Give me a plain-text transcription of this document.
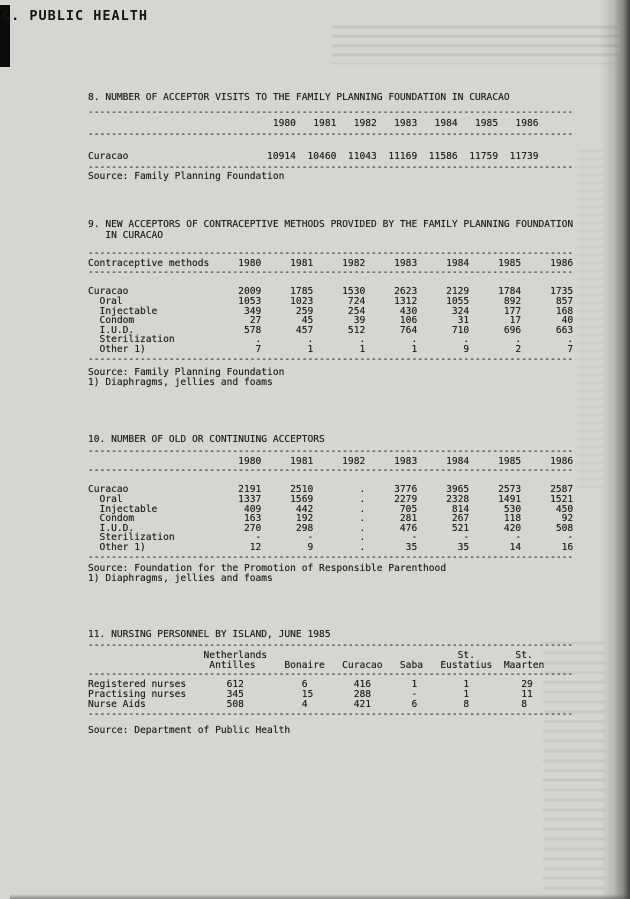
C. PUBLIC HEALTH
8. NUMBER OF ACCEPTOR VISITS TO THE FAMILY PLANNING FOUNDATION IN CURACAO
------------------------------------------------------------------------------------
1980   1981   1982   1983   1984   1985   1986
------------------------------------------------------------------------------------

Curacao                        10914  10460  11043  11169  11586  11759  11739
------------------------------------------------------------------------------------
Source: Family Planning Foundation
9. NEW ACCEPTORS OF CONTRACEPTIVE METHODS PROVIDED BY THE FAMILY PLANNING FOUNDATION
IN CURACAO
------------------------------------------------------------------------------------
Contraceptive methods     1980     1981     1982     1983     1984     1985     1986
------------------------------------------------------------------------------------

Curacao                   2009     1785     1530     2623     2129     1784     1735
Oral                    1053     1023      724     1312     1055      892      857
Injectable               349      259      254      430      324      177      168
Condom                    27       45       39      106       31       17       40
I.U.D.                   578      457      512      764      710      696      663
Sterilization              .        .        .        .        .        .        .
Other 1)                   7        1        1        1        9        2        7
------------------------------------------------------------------------------------
Source: Family Planning Foundation
1) Diaphragms, jellies and foams
10. NUMBER OF OLD OR CONTINUING ACCEPTORS
------------------------------------------------------------------------------------
1980     1981     1982     1983     1984     1985     1986
------------------------------------------------------------------------------------

Curacao                   2191     2510        .     3776     3965     2573     2587
Oral                    1337     1569        .     2279     2328     1491     1521
Injectable               409      442        .      705      814      530      450
Condom                   163      192        .      281      267      118       92
I.U.D.                   270      298        .      476      521      420      508
Sterilization              -        -        .        -        -        -        -
Other 1)                  12        9        .       35       35       14       16
------------------------------------------------------------------------------------
Source: Foundation for the Promotion of Responsible Parenthood
1) Diaphragms, jellies and foams
11. NURSING PERSONNEL BY ISLAND, JUNE 1985
------------------------------------------------------------------------------------
Netherlands                                 St.       St.
Antilles     Bonaire   Curacao   Saba   Eustatius  Maarten
------------------------------------------------------------------------------------
Registered nurses       612          6        416       1        1         29
Practising nurses       345          15       288       -        1         11
Nurse Aids              508          4        421       6        8         8
------------------------------------------------------------------------------------
Source: Department of Public Health
